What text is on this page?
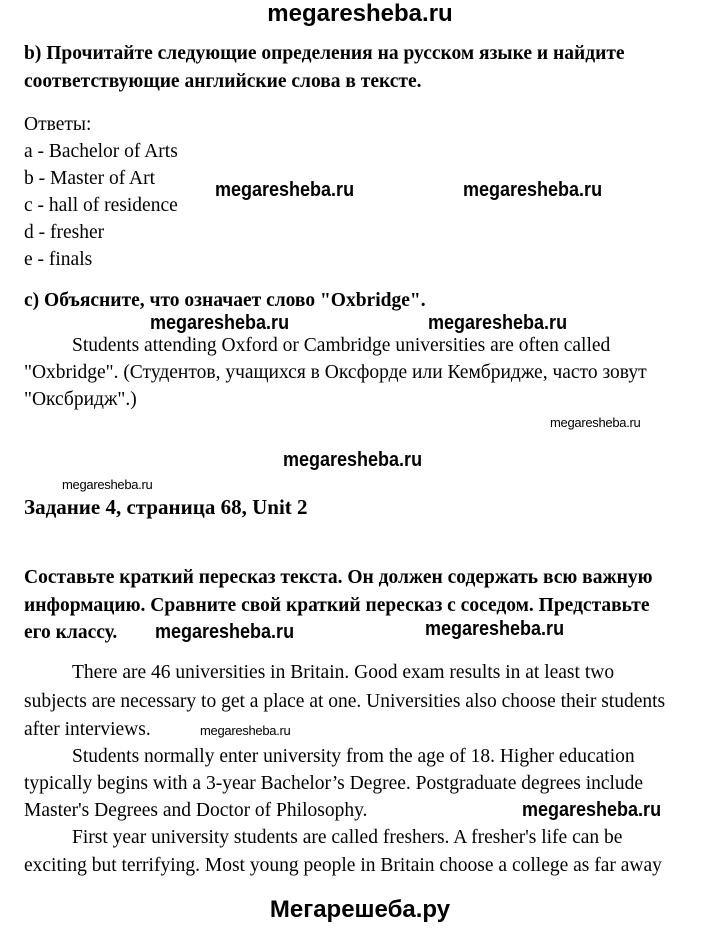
megaresheba.ru
b) Прочитайте следующие определения на русском языке и найдите
соответствующие английские слова в тексте.
Ответы:
a - Bachelor of Arts
b - Master of Art
c - hall of residence
d - fresher
e - finals
megaresheba.ru	megaresheba.ru
c) Объясните, что означает слово "Oxbridge".
megaresheba.ru	megaresheba.ru
Students attending Oxford or Cambridge universities are often called
"Oxbridge". (Студентов, учащихся в Оксфорде или Кембридже, часто зовут
"Оксбридж".)
megaresheba.ru
megaresheba.ru
megaresheba.ru
Задание 4, страница 68, Unit 2
Составьте краткий пересказ текста. Он должен содержать всю важную
информацию. Сравните свой краткий пересказ с соседом. Представьте
его классу. megaresheba.ru	megaresheba.ru
There are 46 universities in Britain. Good exam results in at least two
subjects are necessary to get a place at one. Universities also choose their students
after interviews.	megaresheba.ru
Students normally enter university from the age of 18. Higher education
typically begins with a 3-year Bachelor’s Degree. Postgraduate degrees include
Master's Degrees and Doctor of Philosophy.	megaresheba.ru
First year university students are called freshers. A fresher's life can be
exciting but terrifying. Most young people in Britain choose a college as far away
Мегарешеба.ру
